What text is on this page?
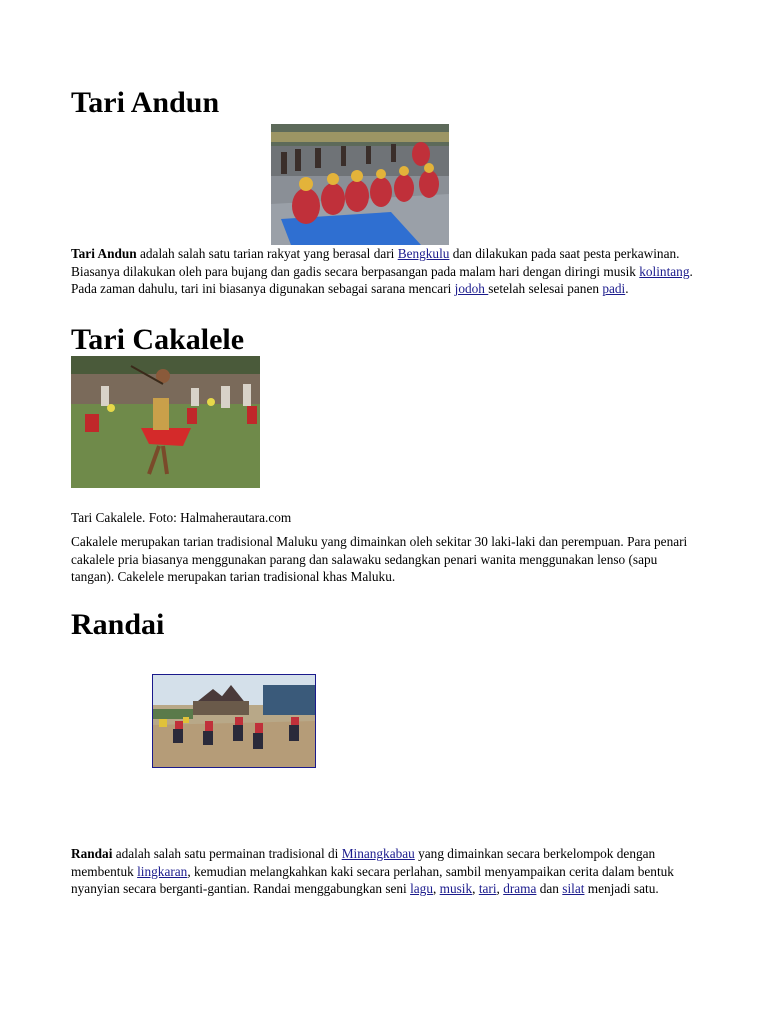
Tari Andun

Tari Andun adalah salah satu tarian rakyat yang berasal dari Bengkulu dan dilakukan pada saat pesta perkawinan. Biasanya dilakukan oleh para bujang dan gadis secara berpasangan pada malam hari dengan diringi musik kolintang. Pada zaman dahulu, tari ini biasanya digunakan sebagai sarana mencari jodoh setelah selesai panen padi.

Tari Cakalele

Tari Cakalele. Foto: Halmaherautara.com

Cakalele merupakan tarian tradisional Maluku yang dimainkan oleh sekitar 30 laki-laki dan perempuan. Para penari cakalele pria biasanya menggunakan parang dan salawaku sedangkan penari wanita menggunakan lenso (sapu tangan). Cakelele merupakan tarian tradisional khas Maluku.

Randai

Randai adalah salah satu permainan tradisional di Minangkabau yang dimainkan secara berkelompok dengan membentuk lingkaran, kemudian melangkahkan kaki secara perlahan, sambil menyampaikan cerita dalam bentuk nyanyian secara berganti-gantian. Randai menggabungkan seni lagu, musik, tari, drama dan silat menjadi satu.
